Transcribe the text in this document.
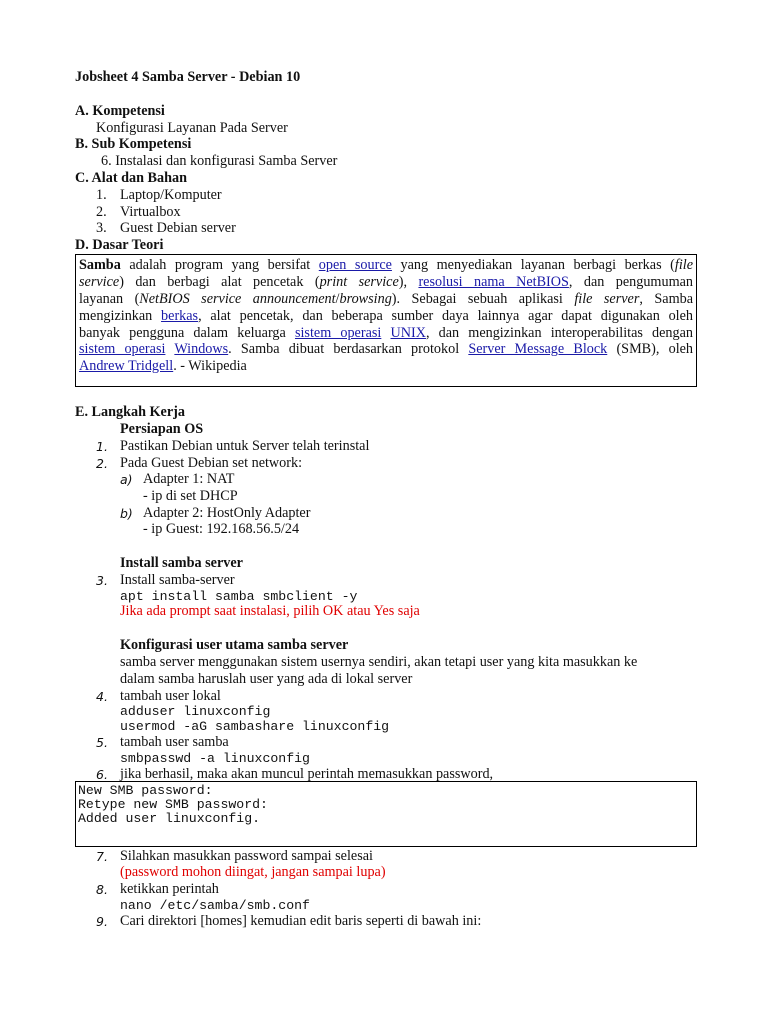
Jobsheet 4 Samba Server - Debian 10
A. Kompetensi
Konfigurasi Layanan Pada Server
B. Sub Kompetensi
6. Instalasi dan konfigurasi Samba Server
C. Alat dan Bahan
1. Laptop/Komputer
2. Virtualbox
3. Guest Debian server
D. Dasar Teori
Samba adalah program yang bersifat open source yang menyediakan layanan berbagi berkas (file
service) dan berbagi alat pencetak (print service), resolusi nama NetBIOS, dan pengumuman
layanan (NetBIOS service announcement/browsing). Sebagai sebuah aplikasi file server, Samba
mengizinkan berkas, alat pencetak, dan beberapa sumber daya lainnya agar dapat digunakan oleh
banyak pengguna dalam keluarga sistem operasi UNIX, dan mengizinkan interoperabilitas dengan
sistem operasi Windows. Samba dibuat berdasarkan protokol Server Message Block (SMB), oleh
Andrew Tridgell. - Wikipedia
E. Langkah Kerja
Persiapan OS
1. Pastikan Debian untuk Server telah terinstal
2. Pada Guest Debian set network:
a) Adapter 1: NAT
- ip di set DHCP
b) Adapter 2: HostOnly Adapter
- ip Guest: 192.168.56.5/24
Install samba server
3. Install samba-server
apt install samba smbclient -y
Jika ada prompt saat instalasi, pilih OK atau Yes saja
Konfigurasi user utama samba server
samba server menggunakan sistem usernya sendiri, akan tetapi user yang kita masukkan ke
dalam samba haruslah user yang ada di lokal server
4. tambah user lokal
adduser linuxconfig
usermod -aG sambashare linuxconfig
5. tambah user samba
smbpasswd -a linuxconfig
6. jika berhasil, maka akan muncul perintah memasukkan password,
New SMB password:
Retype new SMB password:
Added user linuxconfig.
7. Silahkan masukkan password sampai selesai
(password mohon diingat, jangan sampai lupa)
8. ketikkan perintah
nano /etc/samba/smb.conf
9. Cari direktori [homes] kemudian edit baris seperti di bawah ini:
